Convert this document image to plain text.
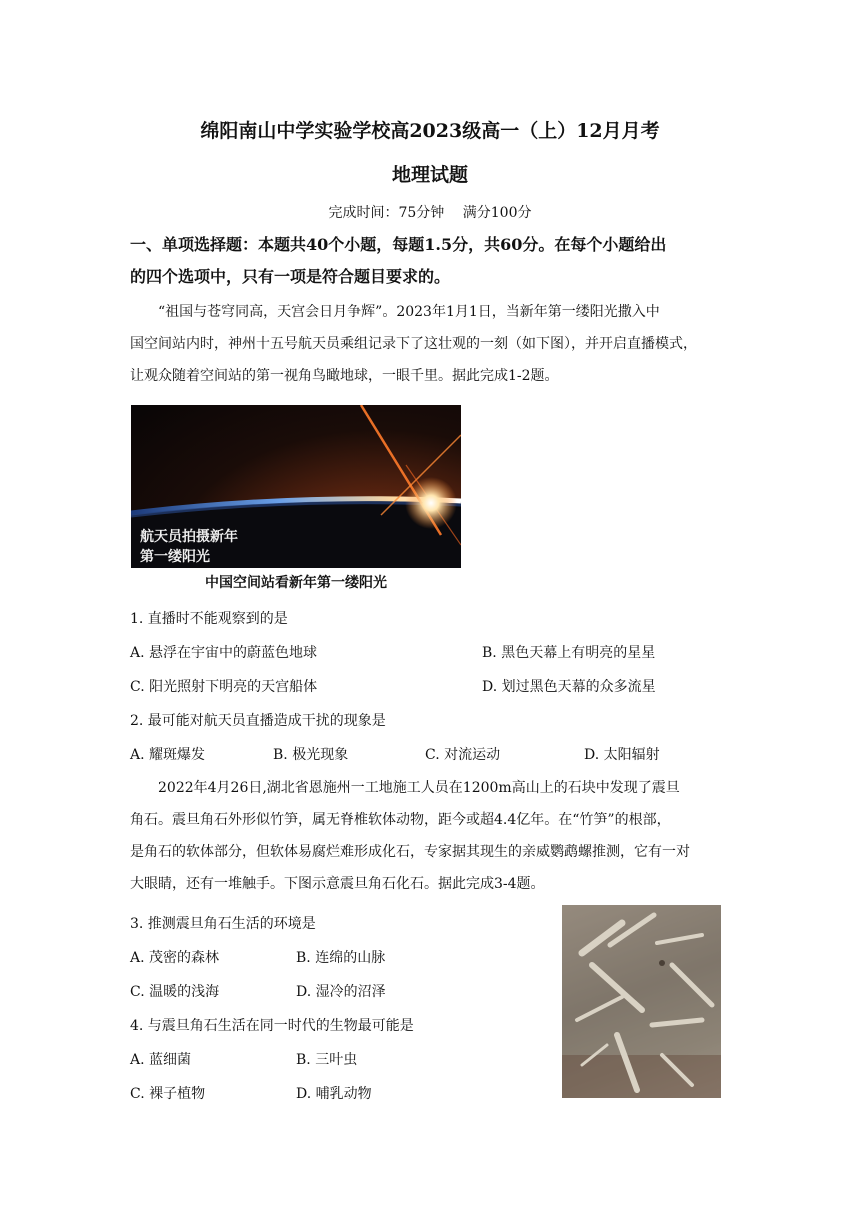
绵阳南山中学实验学校高2023级高一（上）12月月考
地理试题
完成时间：75分钟 满分100分
一、单项选择题：本题共40个小题，每题1.5分，共60分。在每个小题给出
的四个选项中，只有一项是符合题目要求的。
“祖国与苍穹同高，天宫会日月争辉”。2023年1月1日，当新年第一缕阳光撒入中
国空间站内时，神州十五号航天员乘组记录下了这壮观的一刻（如下图），并开启直播模式，
让观众随着空间站的第一视角鸟瞰地球，一眼千里。据此完成1-2题。
航天员拍摄新年
第一缕阳光
中国空间站看新年第一缕阳光
1. 直播时不能观察到的是
A. 悬浮在宇宙中的蔚蓝色地球	B. 黑色天幕上有明亮的星星
C. 阳光照射下明亮的天宫船体	D. 划过黑色天幕的众多流星
2. 最可能对航天员直播造成干扰的现象是
A. 耀斑爆发	B. 极光现象	C. 对流运动	D. 太阳辐射
2022年4月26日,湖北省恩施州一工地施工人员在1200m高山上的石块中发现了震旦
角石。震旦角石外形似竹笋，属无脊椎软体动物，距今或超4.4亿年。在“竹笋”的根部，
是角石的软体部分，但软体易腐烂难形成化石，专家据其现生的亲威鹦鹉螺推测，它有一对
大眼睛，还有一堆触手。下图示意震旦角石化石。据此完成3-4题。
3. 推测震旦角石生活的环境是
A. 茂密的森林	B. 连绵的山脉
C. 温暖的浅海	D. 湿冷的沼泽
4. 与震旦角石生活在同一时代的生物最可能是
A. 蓝细菌	B. 三叶虫
C. 裸子植物	D. 哺乳动物
